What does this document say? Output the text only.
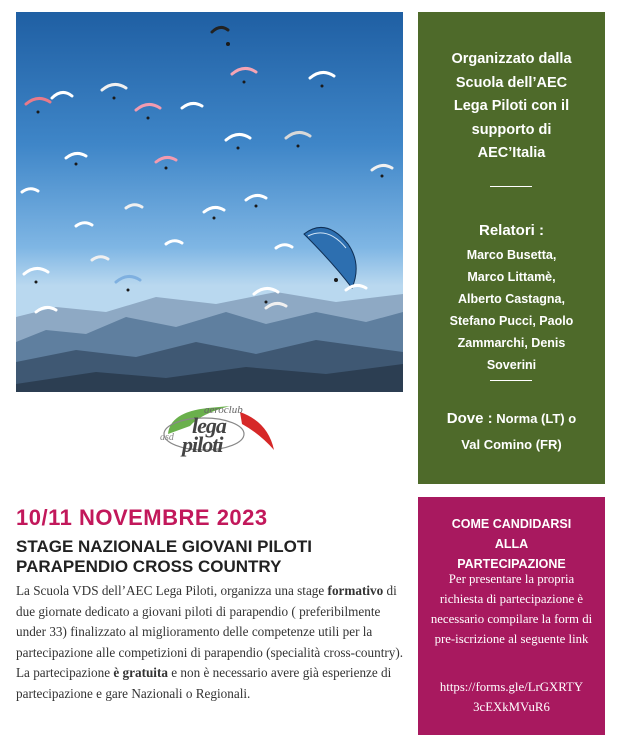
asd
aeroclub
lega
piloti
Organizzato dalla
Scuola dell’AEC
Lega Piloti con il
supporto di
AEC’Italia
Relatori :
Marco Busetta,
Marco Littamè,
Alberto Castagna,
Stefano Pucci, Paolo
Zammarchi, Denis
Soverini
Dove : Norma (LT) o
Val Comino (FR)
10/11 NOVEMBRE 2023
STAGE NAZIONALE GIOVANI PILOTI
PARAPENDIO CROSS COUNTRY
La Scuola VDS dell’AEC Lega Piloti, organizza una stage formativo di due giornate dedicato a giovani piloti di parapendio ( preferibilmente under 33) finalizzato al miglioramento delle competenze utili per la partecipazione alle competizioni di parapendio (specialità cross-country). La partecipazione è gratuita e non è necessario avere già esperienze di partecipazione e gare Nazionali o Regionali.
COME CANDIDARSI
ALLA
PARTECIPAZIONE
Per presentare la propria richiesta di partecipazione è necessario compilare la form di pre-iscrizione al seguente link
https://forms.gle/LrGXRTY
3cEXkMVuR6
